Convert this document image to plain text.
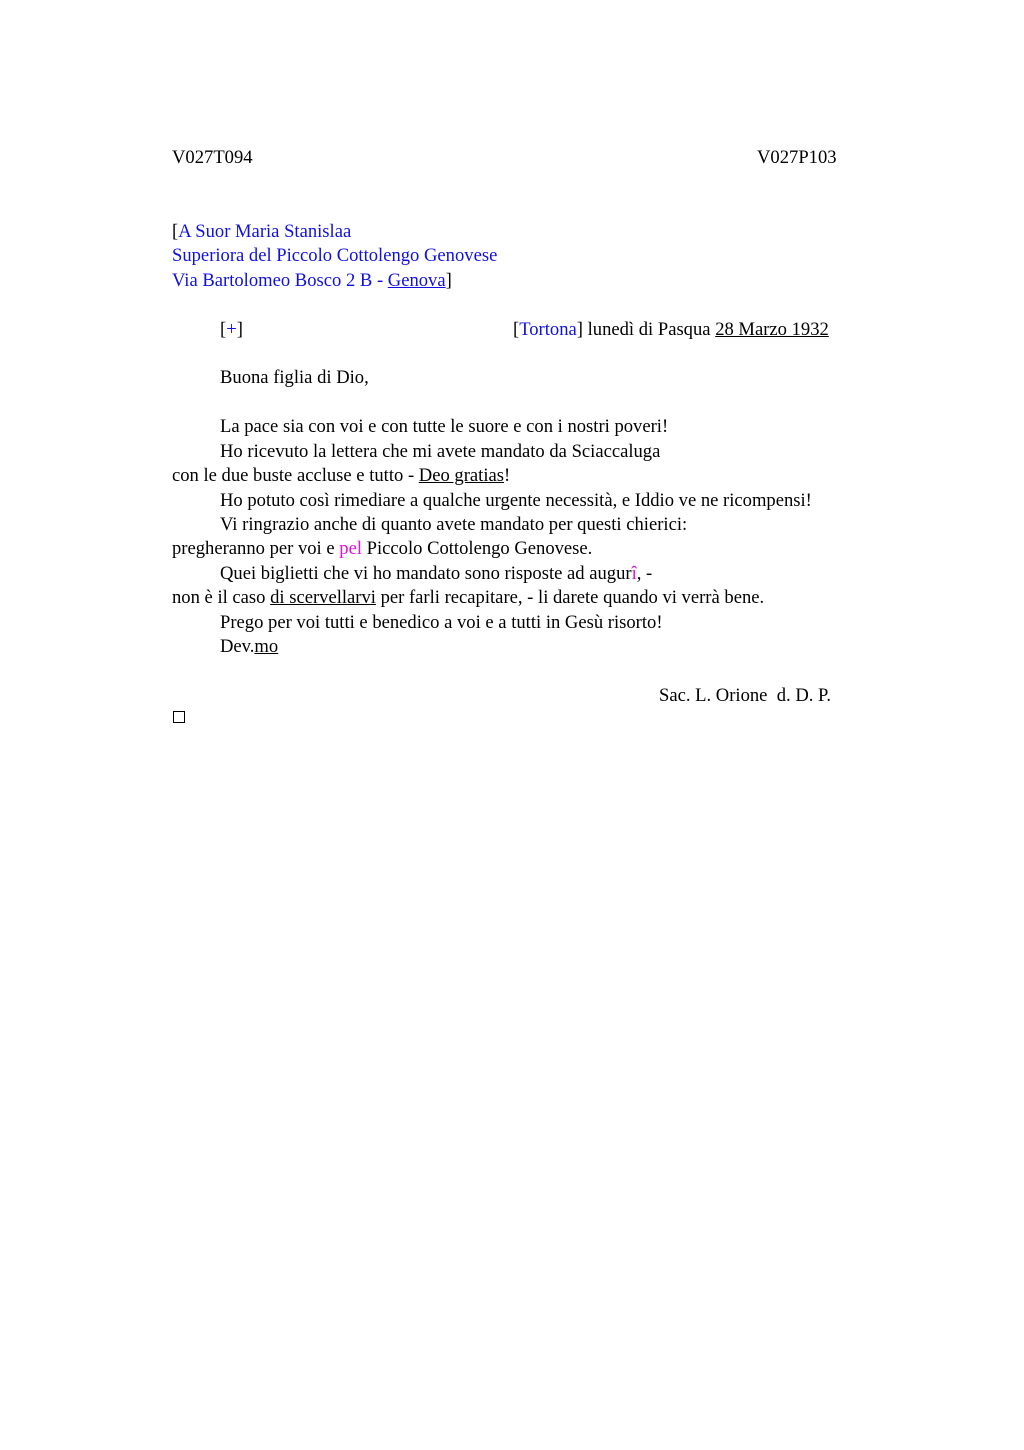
V027T094	V027P103
[A Suor Maria Stanislaa
Superiora del Piccolo Cottolengo Genovese
Via Bartolomeo Bosco 2 B - Genova]
[+]	[Tortona] lunedì di Pasqua 28 Marzo 1932
Buona figlia di Dio,
La pace sia con voi e con tutte le suore e con i nostri poveri!
Ho ricevuto la lettera che mi avete mandato da Sciaccaluga
con le due buste accluse e tutto - Deo gratias!
Ho potuto così rimediare a qualche urgente necessità, e Iddio ve ne ricompensi!
Vi ringrazio anche di quanto avete mandato per questi chierici:
pregheranno per voi e pel Piccolo Cottolengo Genovese.
Quei biglietti che vi ho mandato sono risposte ad augurî, -
non è il caso di scervellarvi per farli recapitare, - li darete quando vi verrà bene.
Prego per voi tutti e benedico a voi e a tutti in Gesù risorto!
Dev.mo
Sac. L. Orione  d. D. P.
